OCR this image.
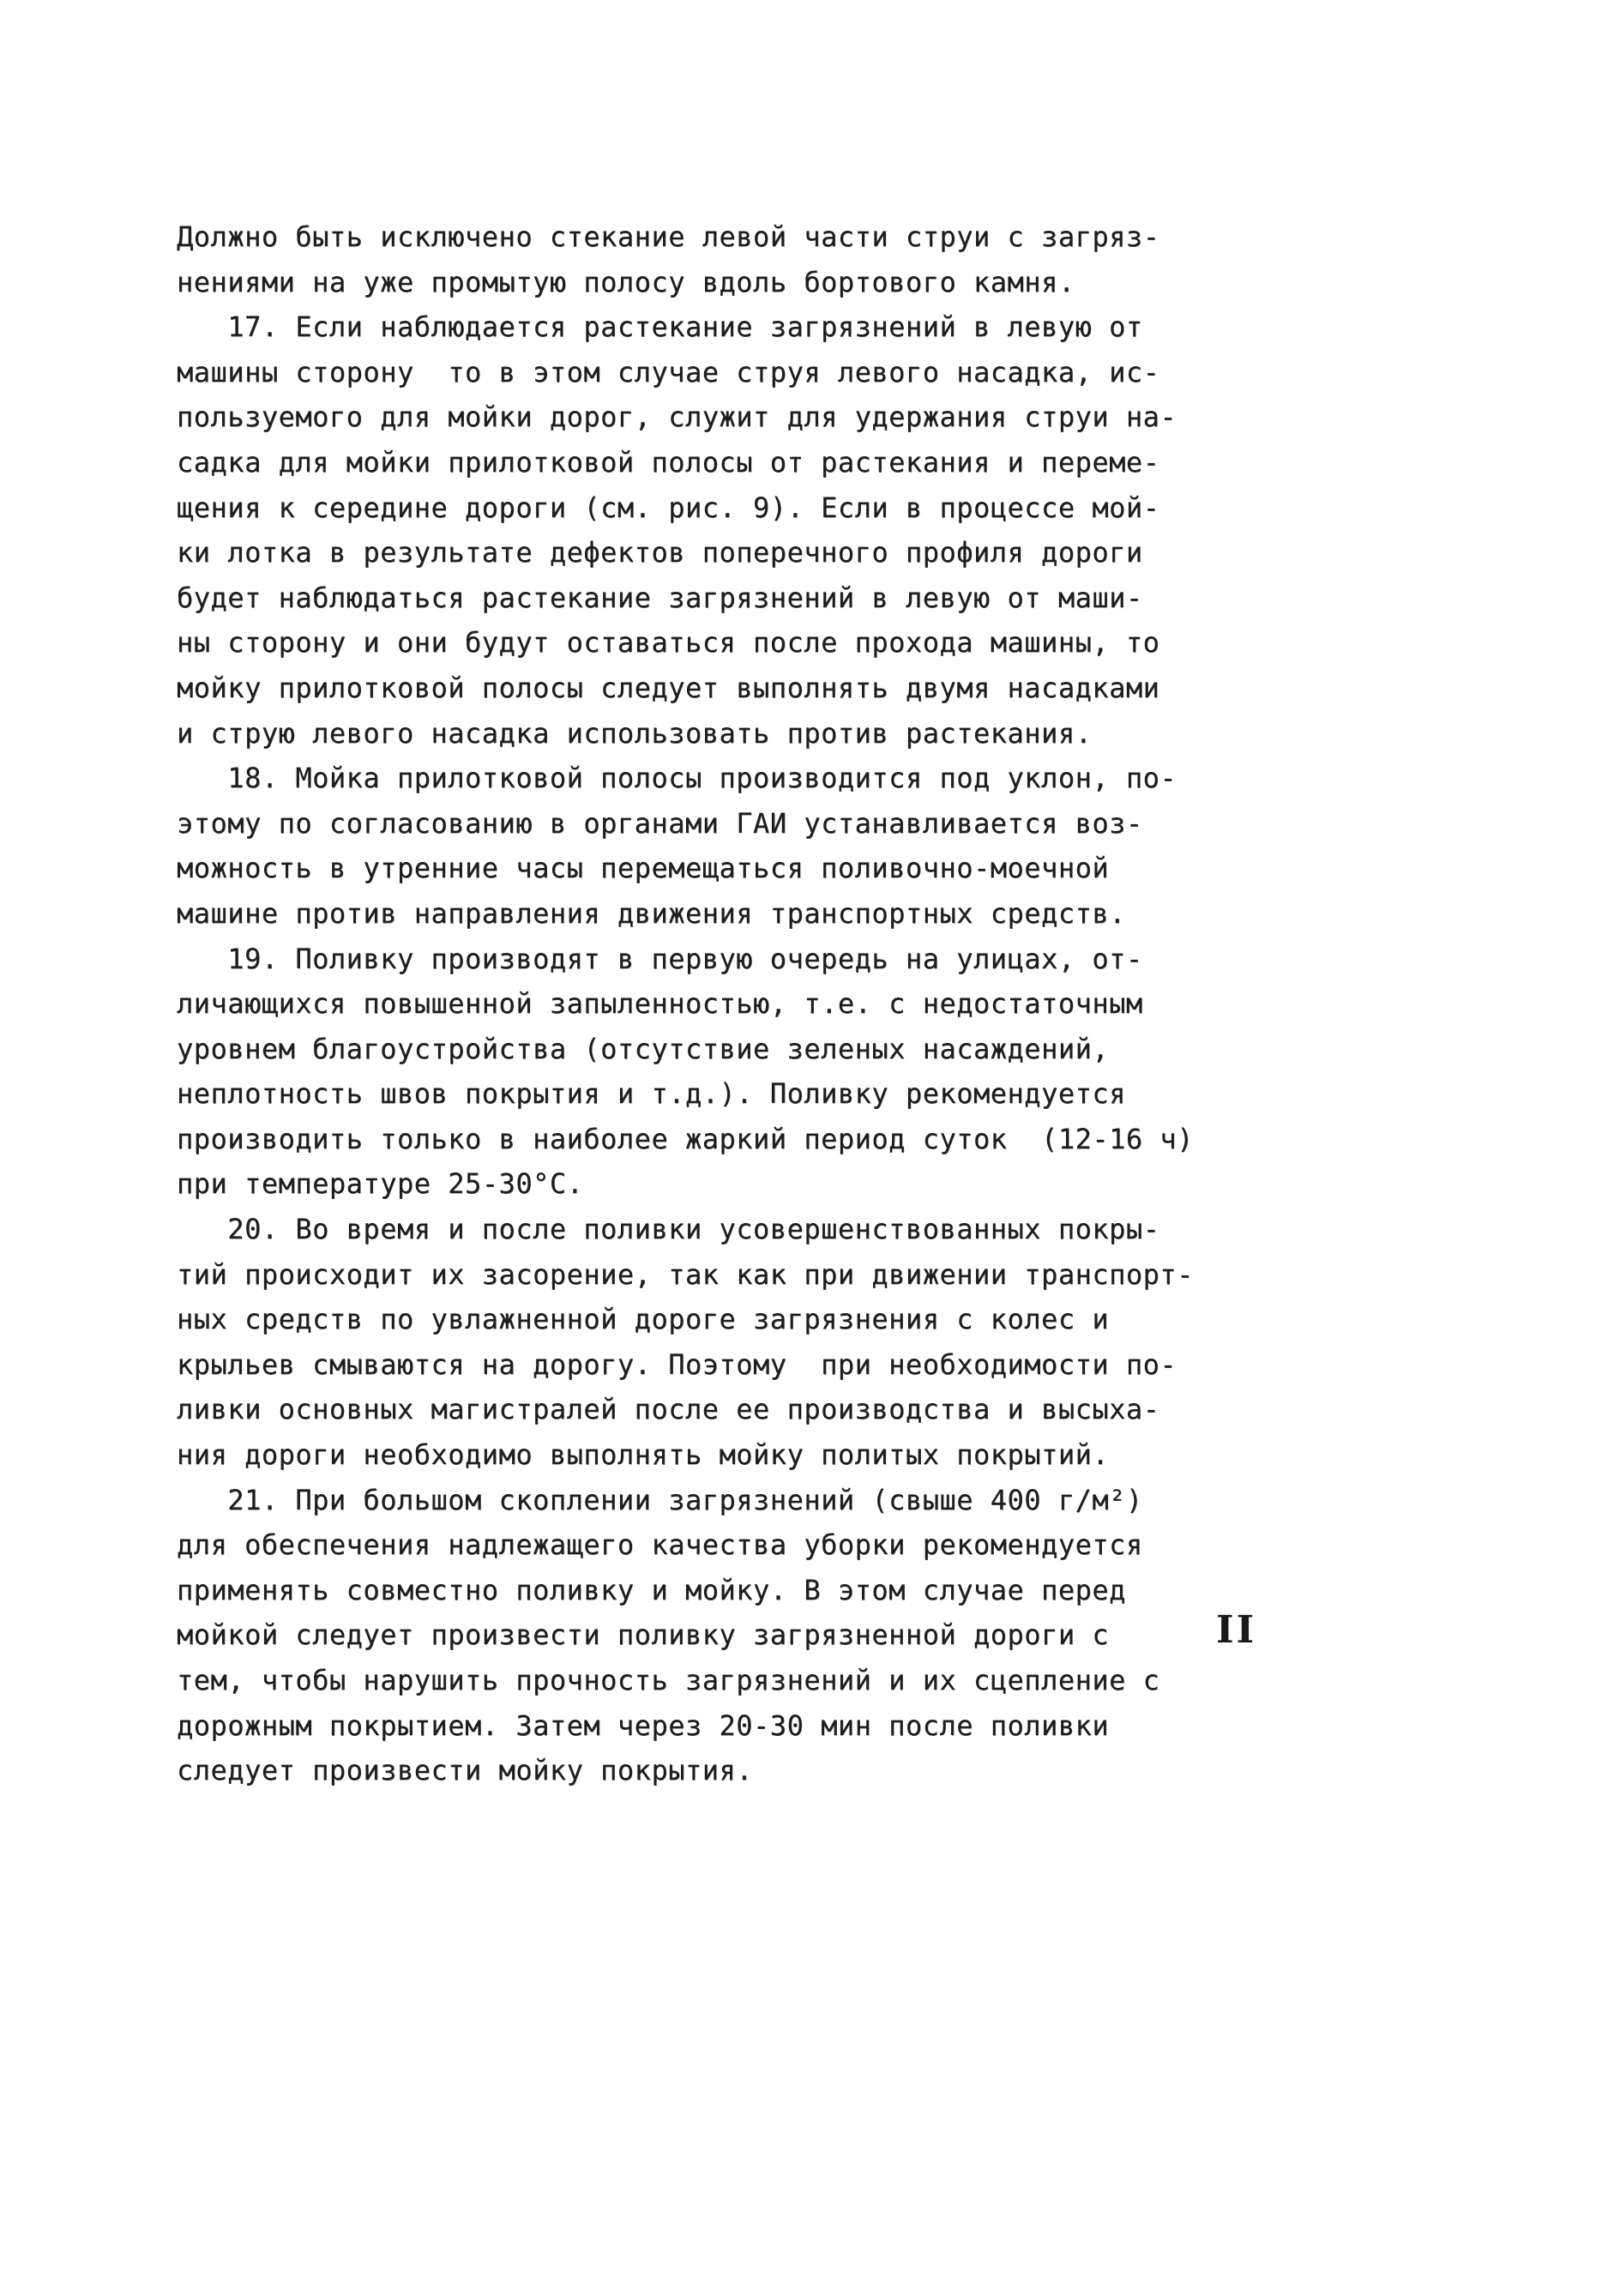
Должно быть исключено стекание левой части струи с загряз-
нениями на уже промытую полосу вдоль бортового камня.
17. Если наблюдается растекание загрязнений в левую от
машины сторону  то в этом случае струя левого насадка, ис-
пользуемого для мойки дорог, служит для удержания струи на-
садка для мойки прилотковой полосы от растекания и переме-
щения к середине дороги (см. рис. 9). Если в процессе мой-
ки лотка в результате дефектов поперечного профиля дороги
будет наблюдаться растекание загрязнений в левую от маши-
ны сторону и они будут оставаться после прохода машины, то
мойку прилотковой полосы следует выполнять двумя насадками
и струю левого насадка использовать против растекания.
18. Мойка прилотковой полосы производится под уклон, по-
этому по согласованию в органами ГАИ устанавливается воз-
можность в утренние часы перемещаться поливочно-моечной
машине против направления движения транспортных средств.
19. Поливку производят в первую очередь на улицах, от-
личающихся повышенной запыленностью, т.е. с недостаточным
уровнем благоустройства (отсутствие зеленых насаждений,
неплотность швов покрытия и т.д.). Поливку рекомендуется
производить только в наиболее жаркий период суток  (12-16 ч)
при температуре 25-30°С.
20. Во время и после поливки усовершенствованных покры-
тий происходит их засорение, так как при движении транспорт-
ных средств по увлажненной дороге загрязнения с колес и
крыльев смываются на дорогу. Поэтому  при необходимости по-
ливки основных магистралей после ее производства и высыха-
ния дороги необходимо выполнять мойку политых покрытий.
21. При большом скоплении загрязнений (свыше 400 г/м²)
для обеспечения надлежащего качества уборки рекомендуется
применять совместно поливку и мойку. В этом случае перед
мойкой следует произвести поливку загрязненной дороги с
тем, чтобы нарушить прочность загрязнений и их сцепление с
дорожным покрытием. Затем через 20-30 мин после поливки
следует произвести мойку покрытия.
II
